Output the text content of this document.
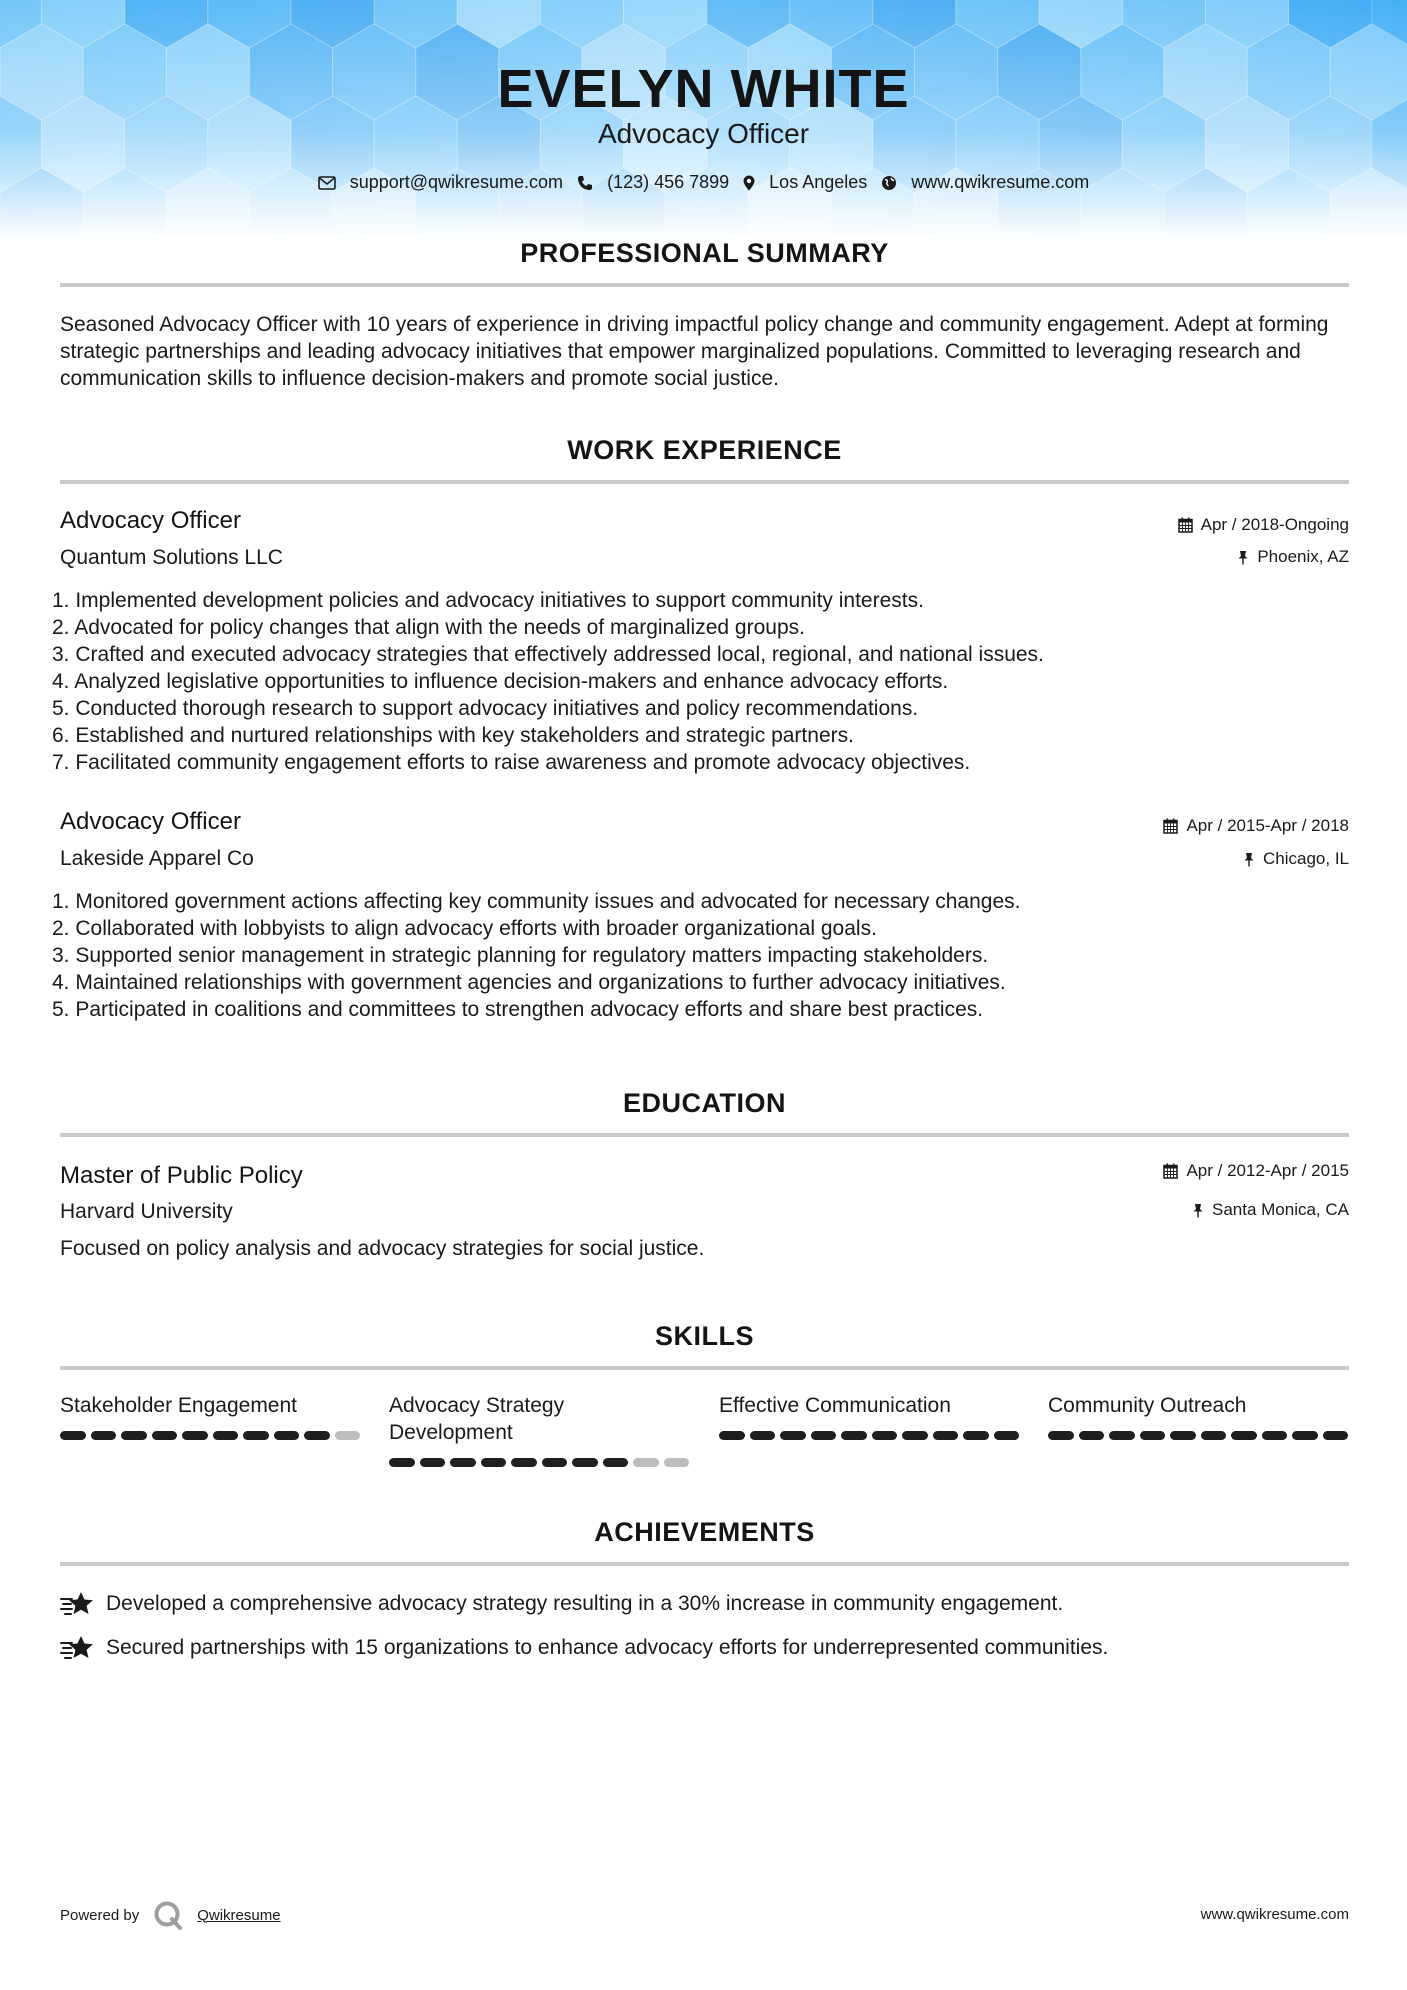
EVELYN WHITE
Advocacy Officer
support@qwikresume.com (123) 456 7899 Los Angeles www.qwikresume.com
PROFESSIONAL SUMMARY

Seasoned Advocacy Officer with 10 years of experience in driving impactful policy change and community engagement. Adept at forming strategic partnerships and leading advocacy initiatives that empower marginalized populations. Committed to leveraging research and communication skills to influence decision-makers and promote social justice.

WORK EXPERIENCE
Advocacy Officer
Quantum Solutions LLC
Apr / 2018-Ongoing
Phoenix, AZ
1. Implemented development policies and advocacy initiatives to support community interests.
2. Advocated for policy changes that align with the needs of marginalized groups.
3. Crafted and executed advocacy strategies that effectively addressed local, regional, and national issues.
4. Analyzed legislative opportunities to influence decision-makers and enhance advocacy efforts.
5. Conducted thorough research to support advocacy initiatives and policy recommendations.
6. Established and nurtured relationships with key stakeholders and strategic partners.
7. Facilitated community engagement efforts to raise awareness and promote advocacy objectives.
Advocacy Officer
Lakeside Apparel Co
Apr / 2015-Apr / 2018
Chicago, IL
1. Monitored government actions affecting key community issues and advocated for necessary changes.
2. Collaborated with lobbyists to align advocacy efforts with broader organizational goals.
3. Supported senior management in strategic planning for regulatory matters impacting stakeholders.
4. Maintained relationships with government agencies and organizations to further advocacy initiatives.
5. Participated in coalitions and committees to strengthen advocacy efforts and share best practices.
EDUCATION
Master of Public Policy
Harvard University
Apr / 2012-Apr / 2015
Santa Monica, CA

Focused on policy analysis and advocacy strategies for social justice.

SKILLS
Stakeholder Engagement	Advocacy Strategy Development
Effective Communication	Community Outreach
ACHIEVEMENTS
Developed a comprehensive advocacy strategy resulting in a 30% increase in community engagement.
Secured partnerships with 15 organizations to enhance advocacy efforts for underrepresented communities.
Powered by	Qwikresume	www.qwikresume.com
